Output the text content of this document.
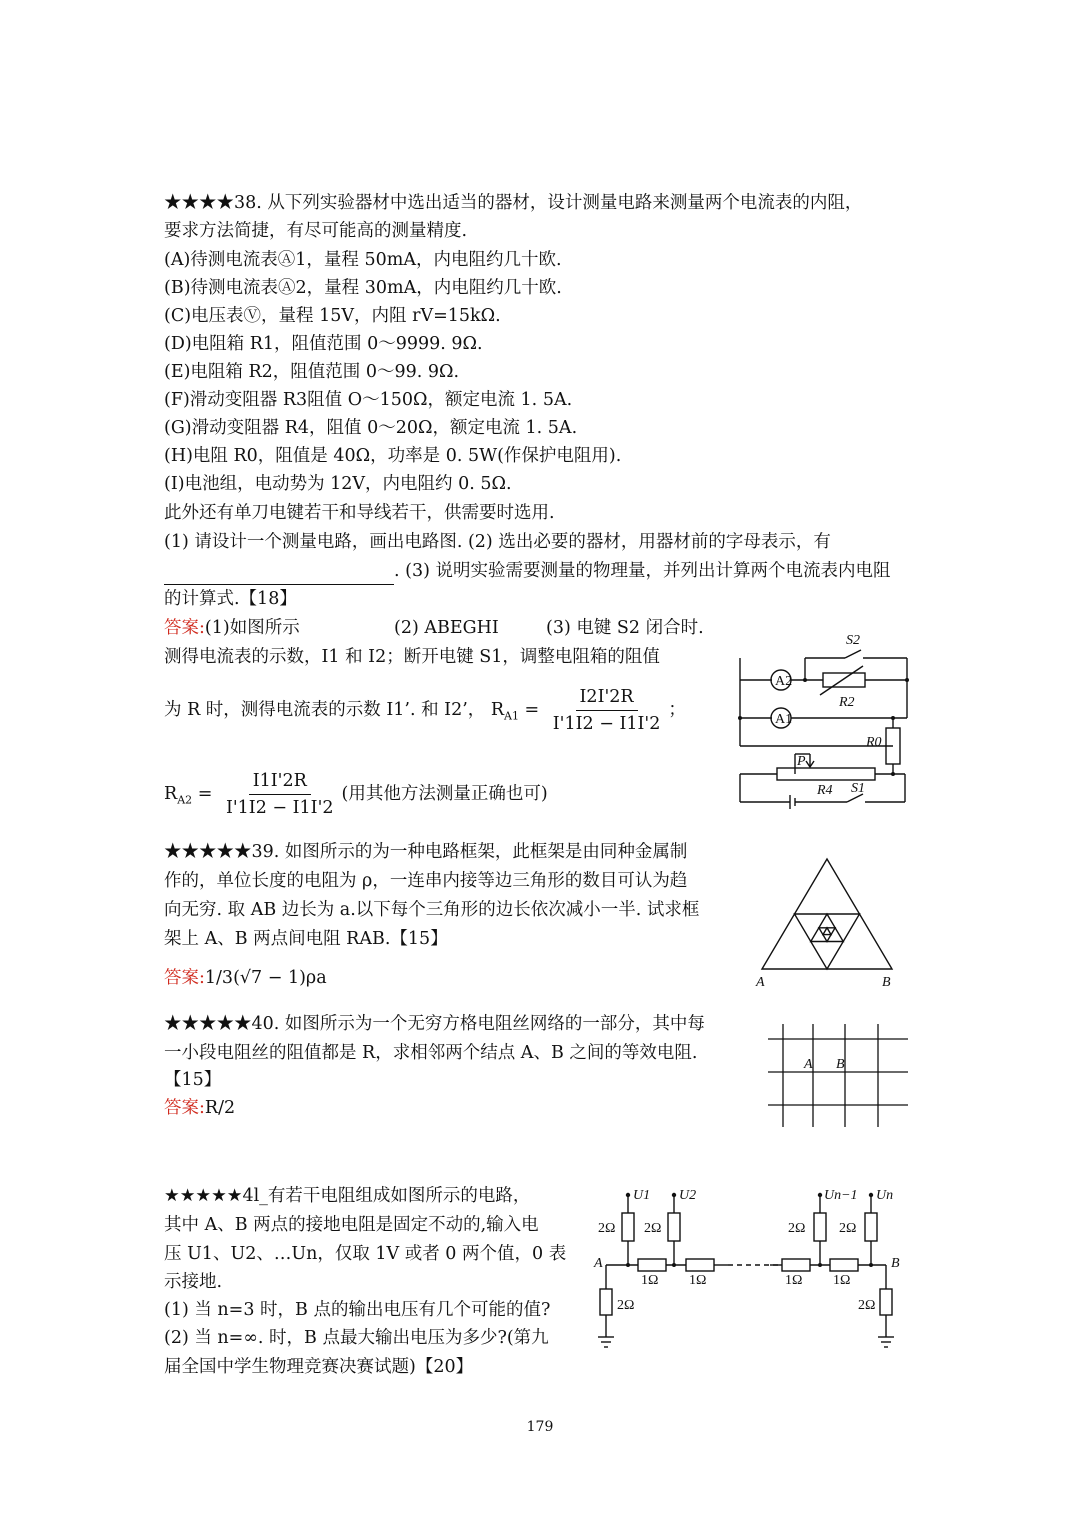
★★★★38. 从下列实验器材中选出适当的器材，设计测量电路来测量两个电流表的内阻，
要求方法简捷，有尽可能高的测量精度.
(A)待测电流表Ⓐ1，量程 50mA，内电阻约几十欧.
(B)待测电流表Ⓐ2，量程 30mA，内电阻约几十欧.
(C)电压表Ⓥ，量程 15V，内阻 rV=15kΩ.
(D)电阻箱 R1，阻值范围 0～9999. 9Ω.
(E)电阻箱 R2，阻值范围 0～99. 9Ω.
(F)滑动变阻器 R3阻值 O～150Ω，额定电流 1. 5A.
(G)滑动变阻器 R4，阻值 0～20Ω，额定电流 1. 5A.
(H)电阻 R0，阻值是 40Ω，功率是 0. 5W(作保护电阻用).
(I)电池组，电动势为 12V，内电阻约 0. 5Ω.
此外还有单刀电键若干和导线若干，供需要时选用.
(1) 请设计一个测量电路，画出电路图. (2) 选出必要的器材，用器材前的字母表示，有
. (3) 说明实验需要测量的物理量，并列出计算两个电流表内电阻
的计算式.【18】
答案:(1)如图所示	(2) ABEGHI	(3) 电键 S2 闭合时.
测得电流表的示数，I1 和 I2；断开电键 S1，调整电阻箱的阻值
为 R 时，测得电流表的示数 I1’. 和 I2’， $R_{A1} = \frac{I2I'2R}{I'1I2 - I1I'2}$ ；
$R_{A2} = \frac{I1I'2R}{I'1I2 - I1I'2}$ (用其他方法测量正确也可)
A2
A1
S2
R2
R0
P
R4 S1
★★★★★39. 如图所示的为一种电路框架，此框架是由同种金属制
作的，单位长度的电阻为 ρ，一连串内接等边三角形的数目可认为趋
向无穷. 取 AB 边长为 a.以下每个三角形的边长依次减小一半. 试求框
架上 A、B 两点间电阻 RAB.【15】
答案:1/3(√7 − 1)ρa	A	B
★★★★★40. 如图所示为一个无穷方格电阻丝网络的一部分，其中每
一小段电阻丝的阻值都是 R，求相邻两个结点 A、B 之间的等效电阻.
【15】
答案:R/2
A B
★★★★★4l_有若干电阻组成如图所示的电路，
其中 A、B 两点的接地电阻是固定不动的,输入电
压 U1、U2、…Un，仅取 1V 或者 0 两个值，0 表
示接地.
(1) 当 n=3 时，B 点的输出电压有几个可能的值?
(2) 当 n=∞. 时，B 点最大输出电压为多少?(第九
届全国中学生物理竞赛决赛试题)【20】
U1 U2	Un−1 Un
2Ω 2Ω	2Ω 2Ω
1Ω 1Ω	1Ω 1Ω
2Ω	2Ω
A	B
179
